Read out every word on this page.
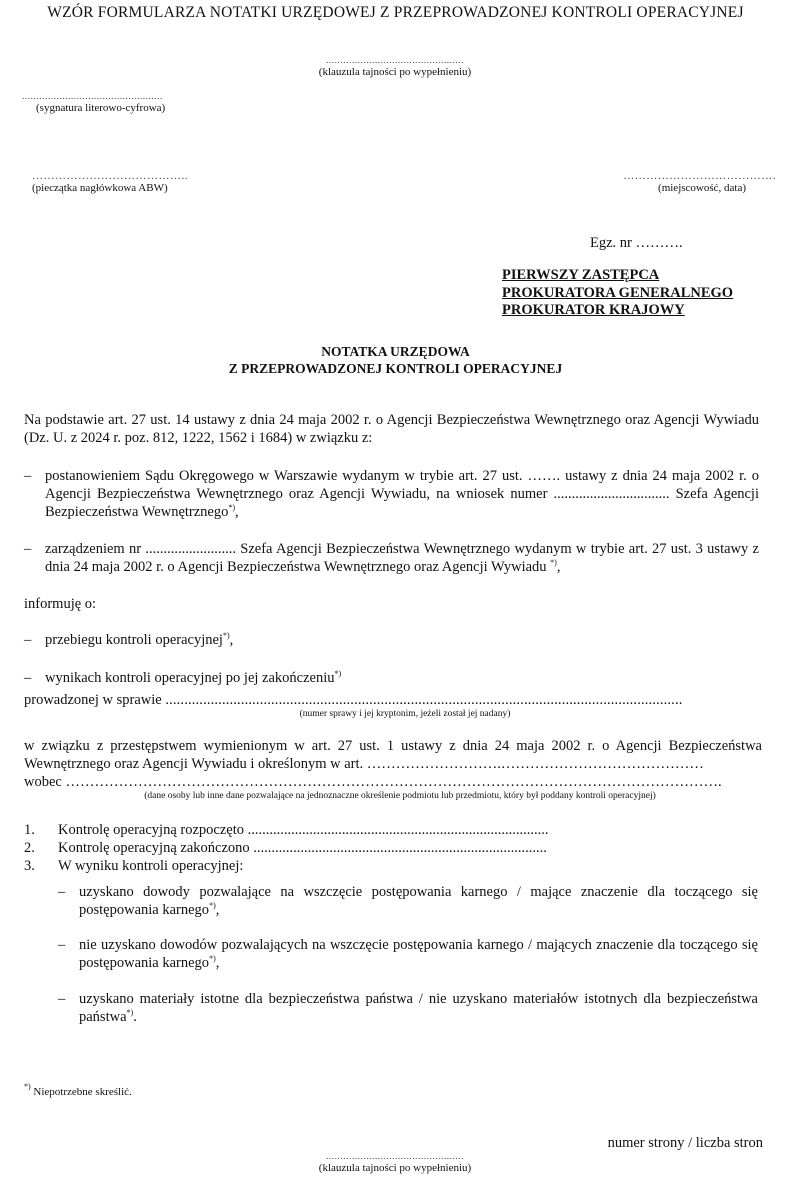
WZÓR FORMULARZA NOTATKI URZĘDOWEJ Z PRZEPROWADZONEJ KONTROLI OPERACYJNEJ
................................................
(klauzula tajności po wypełnieniu)
.................................................
(sygnatura literowo-cyfrowa)
…………………………………..
(pieczątka nagłówkowa ABW)
………………………………….
(miejscowość, data)
Egz. nr ……….
PIERWSZY ZASTĘPCA
PROKURATORA GENERALNEGO
PROKURATOR KRAJOWY
NOTATKA URZĘDOWA
Z PRZEPROWADZONEJ KONTROLI OPERACYJNEJ
Na podstawie art. 27 ust. 14 ustawy z dnia 24 maja 2002 r. o Agencji Bezpieczeństwa Wewnętrznego oraz Agencji Wywiadu (Dz. U. z 2024 r. poz. 812, 1222, 1562 i 1684) w związku z:
– postanowieniem Sądu Okręgowego w Warszawie wydanym w trybie art. 27 ust. ……. ustawy z dnia 24 maja 2002 r. o Agencji Bezpieczeństwa Wewnętrznego oraz Agencji Wywiadu, na wniosek numer ................................ Szefa Agencji Bezpieczeństwa Wewnętrznego*),
– zarządzeniem nr ......................... Szefa Agencji Bezpieczeństwa Wewnętrznego wydanym w trybie art. 27 ust. 3 ustawy z dnia 24 maja 2002 r. o Agencji Bezpieczeństwa Wewnętrznego oraz Agencji Wywiadu *),
informuję o:
– przebiegu kontroli operacyjnej*),
– wynikach kontroli operacyjnej po jej zakończeniu*)
prowadzonej w sprawie .........................................................................................................................................
(numer sprawy i jej kryptonim, jeżeli został jej nadany)
w związku z przestępstwem wymienionym w art. 27 ust. 1 ustawy z dnia 24 maja 2002 r. o Agencji Bezpieczeństwa Wewnętrznego oraz Agencji Wywiadu i określonym w art. ……………………….……………………………………
wobec ……………………………………………………………………………………………………………………….
(dane osoby lub inne dane pozwalające na jednoznaczne określenie podmiotu lub przedmiotu, który był poddany kontroli operacyjnej)
1. Kontrolę operacyjną rozpoczęto ...................................................................................
2. Kontrolę operacyjną zakończono .................................................................................
3. W wyniku kontroli operacyjnej:
– uzyskano dowody pozwalające na wszczęcie postępowania karnego / mające znaczenie dla toczącego się postępowania karnego*),
– nie uzyskano dowodów pozwalających na wszczęcie postępowania karnego / mających znaczenie dla toczącego się postępowania karnego*),
– uzyskano materiały istotne dla bezpieczeństwa państwa / nie uzyskano materiałów istotnych dla bezpieczeństwa państwa*).
*) Niepotrzebne skreślić.
numer strony / liczba stron
................................................
(klauzula tajności po wypełnieniu)
